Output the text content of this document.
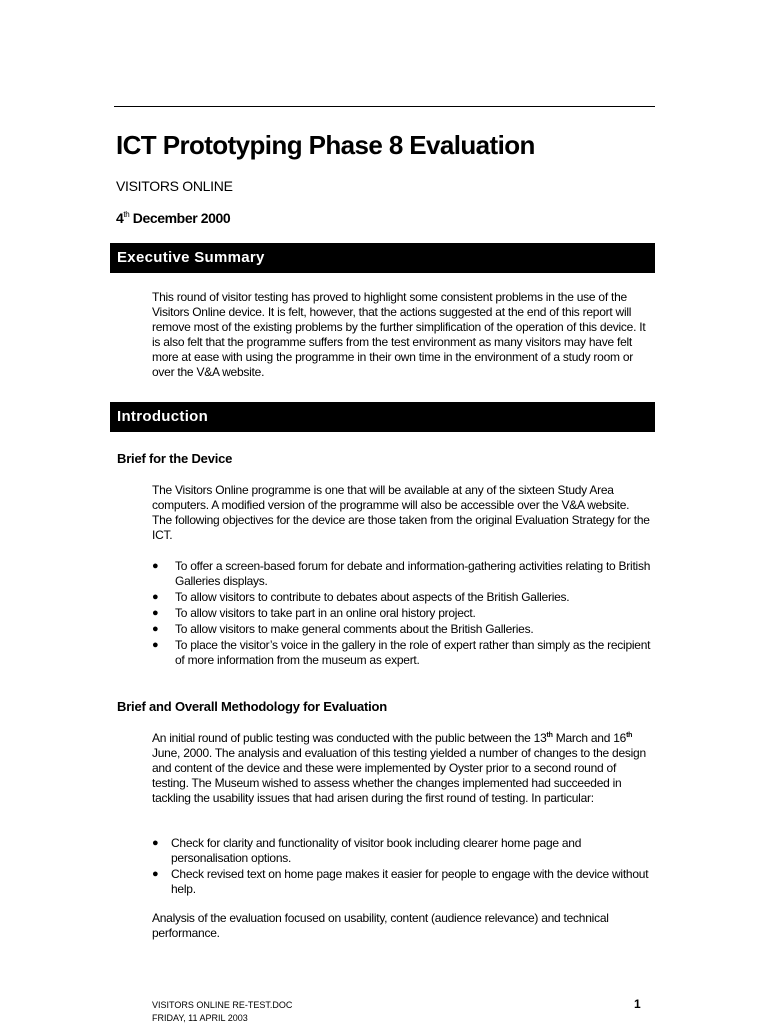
ICT Prototyping Phase 8 Evaluation
VISITORS ONLINE
4th December 2000
Executive Summary
This round of visitor testing has proved to highlight some consistent problems in the use of the Visitors Online device. It is felt, however, that the actions suggested at the end of this report will remove most of the existing problems by the further simplification of the operation of this device. It is also felt that the programme suffers from the test environment as many visitors may have felt more at ease with using the programme in their own time in the environment of a study room or over the V&A website.
Introduction
Brief for the Device
The Visitors Online programme is one that will be available at any of the sixteen Study Area computers. A modified version of the programme will also be accessible over the V&A website. The following objectives for the device are those taken from the original Evaluation Strategy for the ICT.
● To offer a screen-based forum for debate and information-gathering activities relating to British Galleries displays.
● To allow visitors to contribute to debates about aspects of the British Galleries.
● To allow visitors to take part in an online oral history project.
● To allow visitors to make general comments about the British Galleries.
● To place the visitor’s voice in the gallery in the role of expert rather than simply as the recipient of more information from the museum as expert.
Brief and Overall Methodology for Evaluation
An initial round of public testing was conducted with the public between the 13th March and 16th June, 2000. The analysis and evaluation of this testing yielded a number of changes to the design and content of the device and these were implemented by Oyster prior to a second round of testing. The Museum wished to assess whether the changes implemented had succeeded in tackling the usability issues that had arisen during the first round of testing. In particular:
● Check for clarity and functionality of visitor book including clearer home page and personalisation options.
● Check revised text on home page makes it easier for people to engage with the device without help.
Analysis of the evaluation focused on usability, content (audience relevance) and technical performance.
VISITORS ONLINE RE-TEST.DOC
FRIDAY, 11 APRIL 2003
1
